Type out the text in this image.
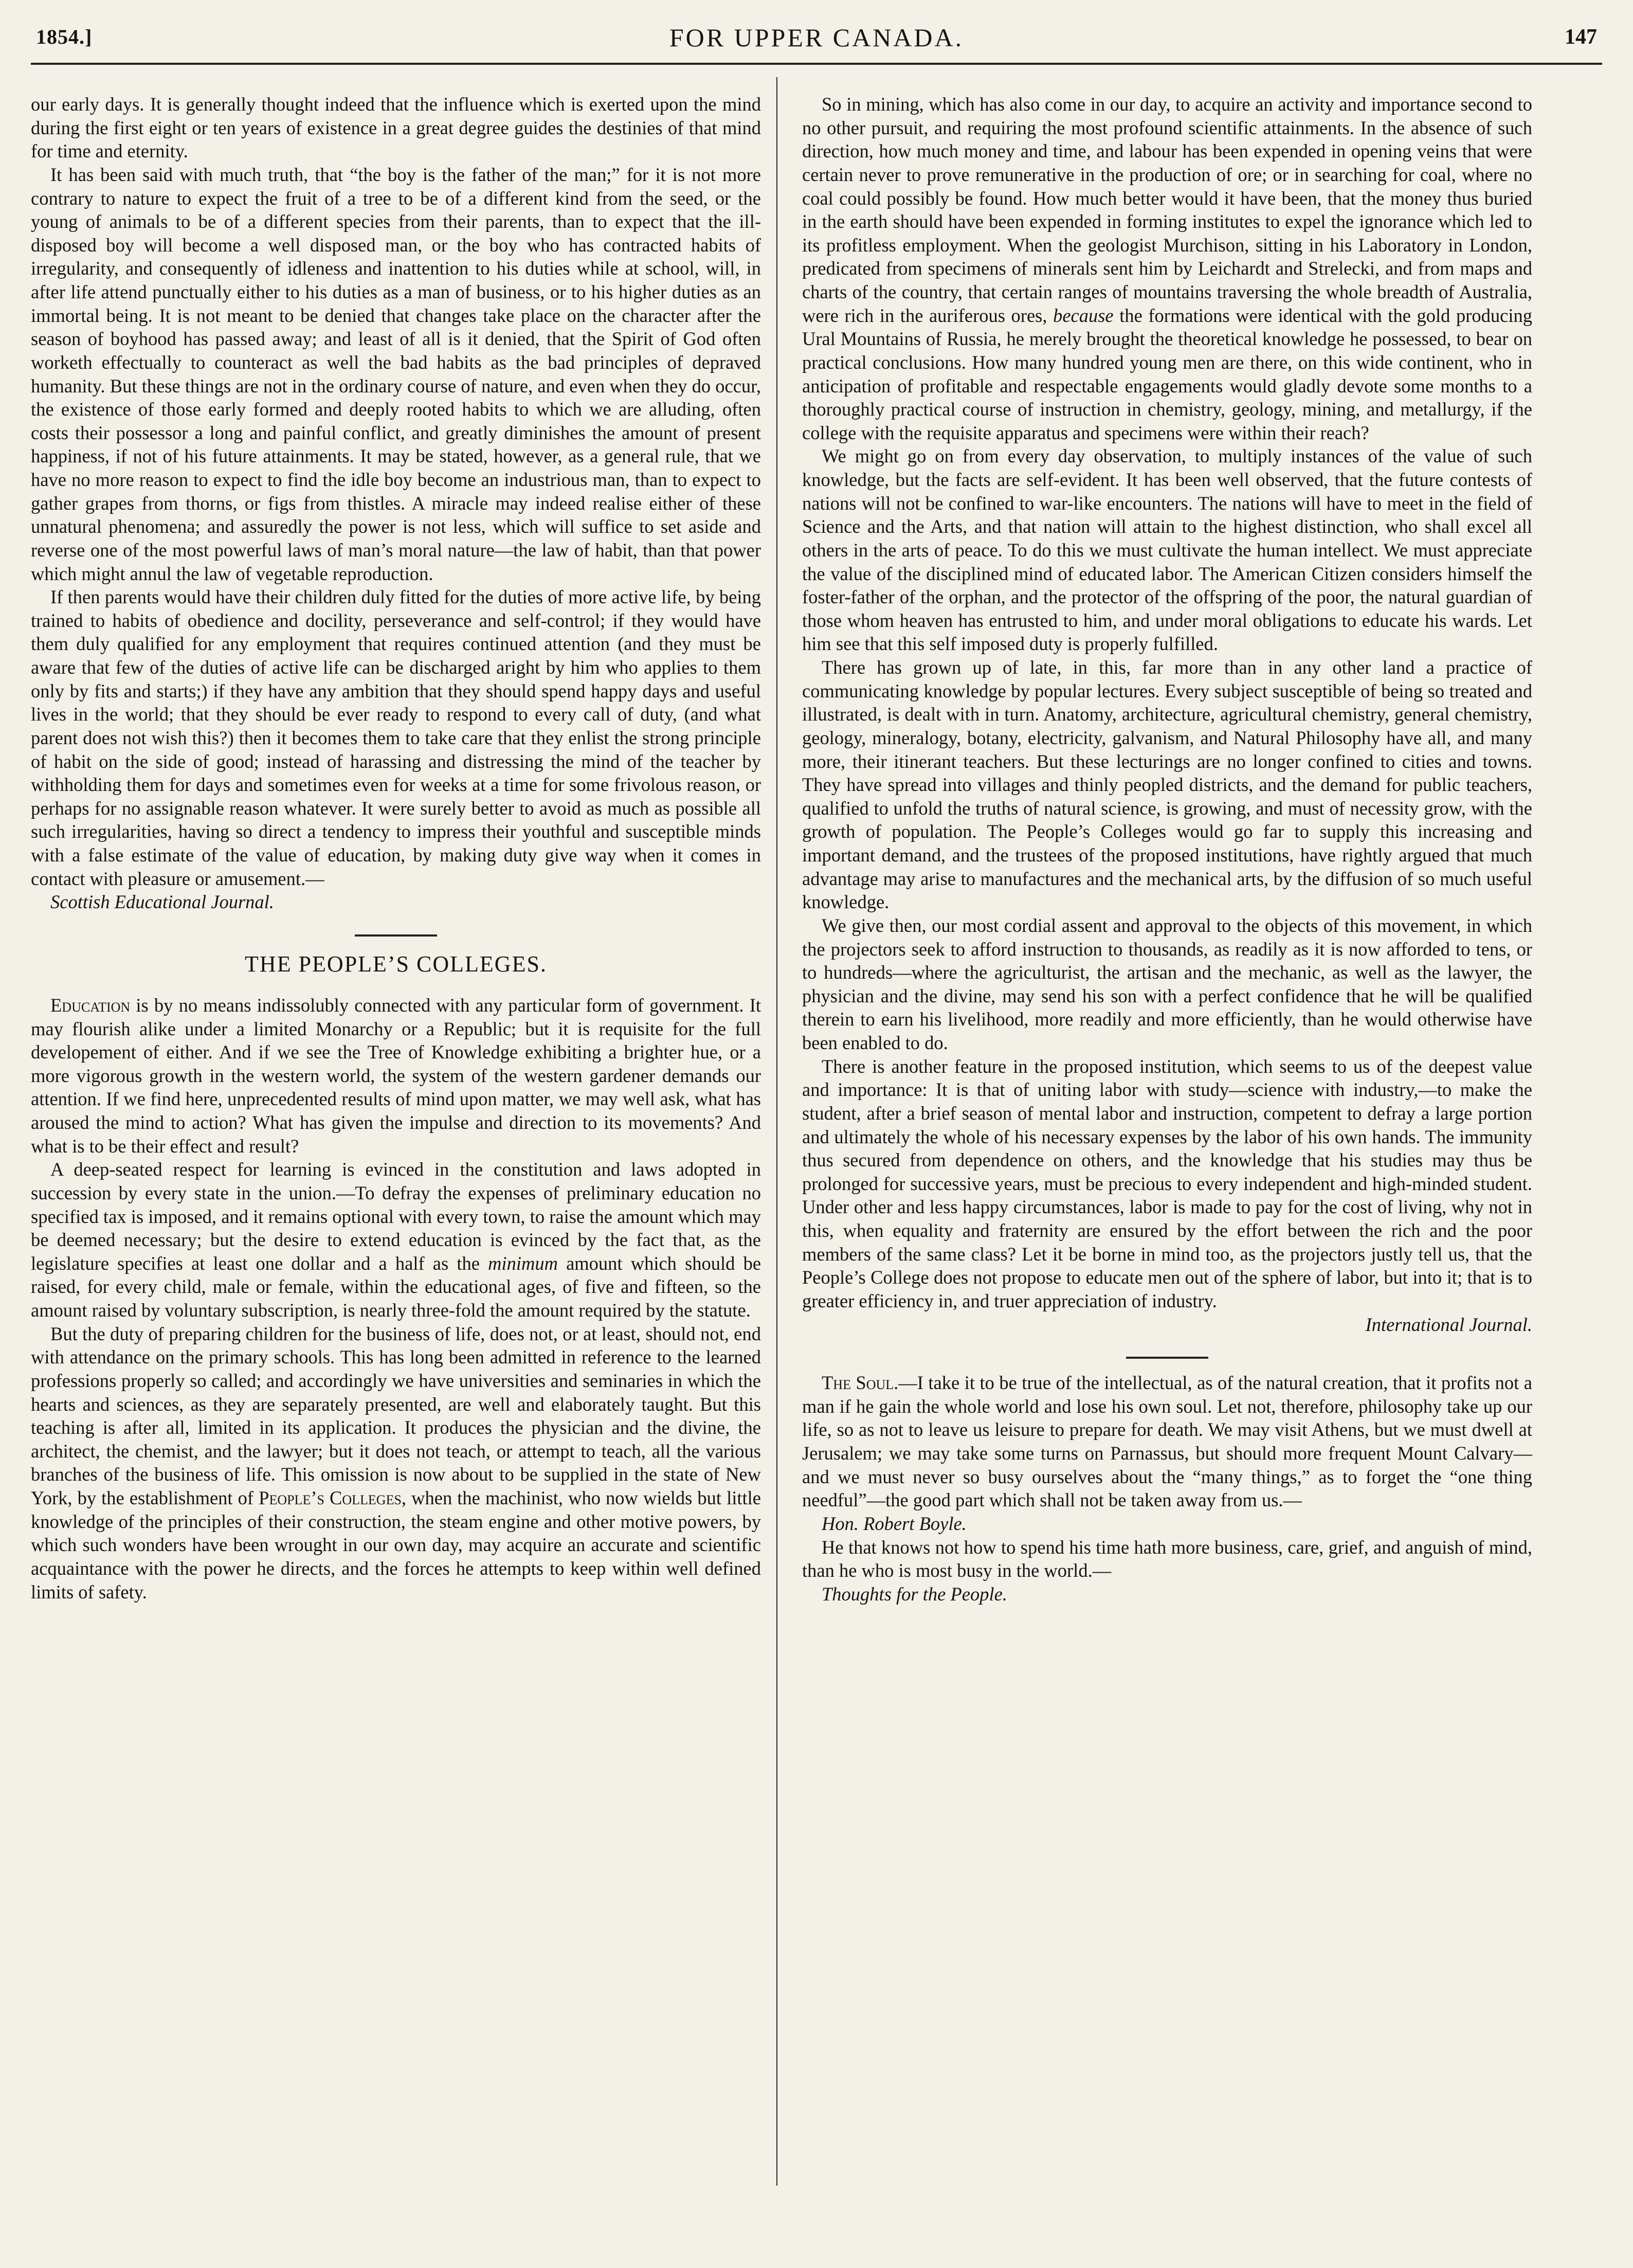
1854.]	FOR UPPER CANADA.	147

our early days. It is generally thought indeed that the influence which is exerted upon the mind during the first eight or ten years of existence in a great degree guides the destinies of that mind for time and eternity.

It has been said with much truth, that “the boy is the father of the man;” for it is not more contrary to nature to expect the fruit of a tree to be of a different kind from the seed, or the young of animals to be of a different species from their parents, than to expect that the ill-disposed boy will become a well disposed man, or the boy who has contracted habits of irregularity, and consequently of idleness and inattention to his duties while at school, will, in after life attend punctually either to his duties as a man of business, or to his higher duties as an immortal being. It is not meant to be denied that changes take place on the character after the season of boyhood has passed away; and least of all is it denied, that the Spirit of God often worketh effectually to counteract as well the bad habits as the bad principles of depraved humanity. But these things are not in the ordinary course of nature, and even when they do occur, the existence of those early formed and deeply rooted habits to which we are alluding, often costs their possessor a long and painful conflict, and greatly diminishes the amount of present happiness, if not of his future attainments. It may be stated, however, as a general rule, that we have no more reason to expect to find the idle boy become an industrious man, than to expect to gather grapes from thorns, or figs from thistles. A miracle may indeed realise either of these unnatural phenomena; and assuredly the power is not less, which will suffice to set aside and reverse one of the most powerful laws of man’s moral nature—the law of habit, than that power which might annul the law of vegetable reproduction.

If then parents would have their children duly fitted for the duties of more active life, by being trained to habits of obedience and docility, perseverance and self-control; if they would have them duly qualified for any employment that requires continued attention (and they must be aware that few of the duties of active life can be discharged aright by him who applies to them only by fits and starts;) if they have any ambition that they should spend happy days and useful lives in the world; that they should be ever ready to respond to every call of duty, (and what parent does not wish this?) then it becomes them to take care that they enlist the strong principle of habit on the side of good; instead of harassing and distressing the mind of the teacher by withholding them for days and sometimes even for weeks at a time for some frivolous reason, or perhaps for no assignable reason whatever. It were surely better to avoid as much as possible all such irregularities, having so direct a tendency to impress their youthful and susceptible minds with a false estimate of the value of education, by making duty give way when it comes in contact with pleasure or amusement.—

Scottish Educational Journal.

THE PEOPLE’S COLLEGES.

Education is by no means indissolubly connected with any particular form of government. It may flourish alike under a limited Monarchy or a Republic; but it is requisite for the full developement of either. And if we see the Tree of Knowledge exhibiting a brighter hue, or a more vigorous growth in the western world, the system of the western gardener demands our attention. If we find here, unprecedented results of mind upon matter, we may well ask, what has aroused the mind to action? What has given the impulse and direction to its movements? And what is to be their effect and result?

A deep-seated respect for learning is evinced in the constitution and laws adopted in succession by every state in the union.—To defray the expenses of preliminary education no specified tax is imposed, and it remains optional with every town, to raise the amount which may be deemed necessary; but the desire to extend education is evinced by the fact that, as the legislature specifies at least one dollar and a half as the minimum amount which should be raised, for every child, male or female, within the educational ages, of five and fifteen, so the amount raised by voluntary subscription, is nearly three-fold the amount required by the statute.

But the duty of preparing children for the business of life, does not, or at least, should not, end with attendance on the primary schools. This has long been admitted in reference to the learned professions properly so called; and accordingly we have universities and seminaries in which the hearts and sciences, as they are separately presented, are well and elaborately taught. But this teaching is after all, limited in its application. It produces the physician and the divine, the architect, the chemist, and the lawyer; but it does not teach, or attempt to teach, all the various branches of the business of life. This omission is now about to be supplied in the state of New York, by the establishment of People’s Colleges, when the machinist, who now wields but little knowledge of the principles of their construction, the steam engine and other motive powers, by which such wonders have been wrought in our own day, may acquire an accurate and scientific acquaintance with the power he directs, and the forces he attempts to keep within well defined limits of safety.

So in mining, which has also come in our day, to acquire an activity and importance second to no other pursuit, and requiring the most profound scientific attainments. In the absence of such direction, how much money and time, and labour has been expended in opening veins that were certain never to prove remunerative in the production of ore; or in searching for coal, where no coal could possibly be found. How much better would it have been, that the money thus buried in the earth should have been expended in forming institutes to expel the ignorance which led to its profitless employment. When the geologist Murchison, sitting in his Laboratory in London, predicated from specimens of minerals sent him by Leichardt and Strelecki, and from maps and charts of the country, that certain ranges of mountains traversing the whole breadth of Australia, were rich in the auriferous ores, because the formations were identical with the gold producing Ural Mountains of Russia, he merely brought the theoretical knowledge he possessed, to bear on practical conclusions. How many hundred young men are there, on this wide continent, who in anticipation of profitable and respectable engagements would gladly devote some months to a thoroughly practical course of instruction in chemistry, geology, mining, and metallurgy, if the college with the requisite apparatus and specimens were within their reach?

We might go on from every day observation, to multiply instances of the value of such knowledge, but the facts are self-evident. It has been well observed, that the future contests of nations will not be confined to war-like encounters. The nations will have to meet in the field of Science and the Arts, and that nation will attain to the highest distinction, who shall excel all others in the arts of peace. To do this we must cultivate the human intellect. We must appreciate the value of the disciplined mind of educated labor. The American Citizen considers himself the foster-father of the orphan, and the protector of the offspring of the poor, the natural guardian of those whom heaven has entrusted to him, and under moral obligations to educate his wards. Let him see that this self imposed duty is properly fulfilled.

There has grown up of late, in this, far more than in any other land a practice of communicating knowledge by popular lectures. Every subject susceptible of being so treated and illustrated, is dealt with in turn. Anatomy, architecture, agricultural chemistry, general chemistry, geology, mineralogy, botany, electricity, galvanism, and Natural Philosophy have all, and many more, their itinerant teachers. But these lecturings are no longer confined to cities and towns. They have spread into villages and thinly peopled districts, and the demand for public teachers, qualified to unfold the truths of natural science, is growing, and must of necessity grow, with the growth of population. The People’s Colleges would go far to supply this increasing and important demand, and the trustees of the proposed institutions, have rightly argued that much advantage may arise to manufactures and the mechanical arts, by the diffusion of so much useful knowledge.

We give then, our most cordial assent and approval to the objects of this movement, in which the projectors seek to afford instruction to thousands, as readily as it is now afforded to tens, or to hundreds—where the agriculturist, the artisan and the mechanic, as well as the lawyer, the physician and the divine, may send his son with a perfect confidence that he will be qualified therein to earn his livelihood, more readily and more efficiently, than he would otherwise have been enabled to do.

There is another feature in the proposed institution, which seems to us of the deepest value and importance: It is that of uniting labor with study—science with industry,—to make the student, after a brief season of mental labor and instruction, competent to defray a large portion and ultimately the whole of his necessary expenses by the labor of his own hands. The immunity thus secured from dependence on others, and the knowledge that his studies may thus be prolonged for successive years, must be precious to every independent and high-minded student. Under other and less happy circumstances, labor is made to pay for the cost of living, why not in this, when equality and fraternity are ensured by the effort between the rich and the poor members of the same class? Let it be borne in mind too, as the projectors justly tell us, that the People’s College does not propose to educate men out of the sphere of labor, but into it; that is to greater efficiency in, and truer appreciation of industry.

International Journal.

The Soul.—I take it to be true of the intellectual, as of the natural creation, that it profits not a man if he gain the whole world and lose his own soul. Let not, therefore, philosophy take up our life, so as not to leave us leisure to prepare for death. We may visit Athens, but we must dwell at Jerusalem; we may take some turns on Parnassus, but should more frequent Mount Calvary—and we must never so busy ourselves about the “many things,” as to forget the “one thing needful”—the good part which shall not be taken away from us.—

Hon. Robert Boyle.

He that knows not how to spend his time hath more business, care, grief, and anguish of mind, than he who is most busy in the world.—

Thoughts for the People.
